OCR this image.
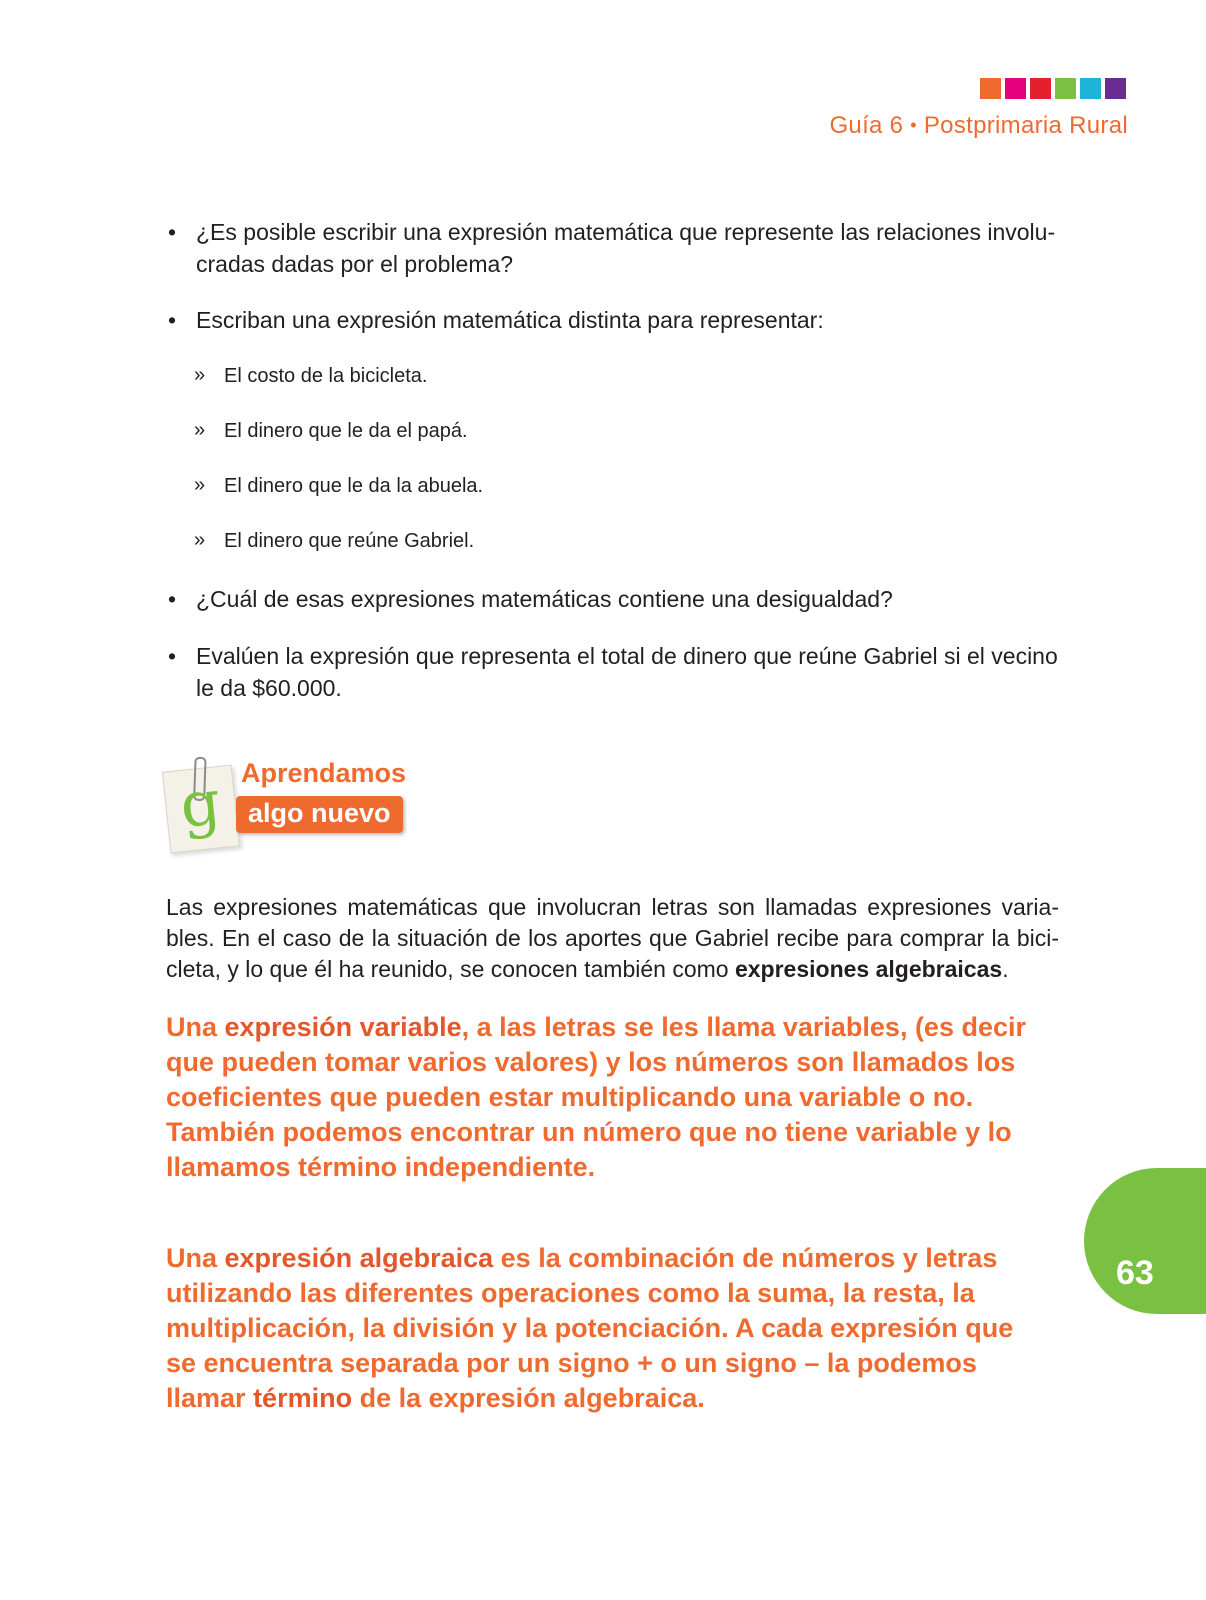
Guía 6 • Postprimaria Rural
• ¿Es posible escribir una expresión matemática que represente las relaciones involu-cradas dadas por el problema?
• Escriban una expresión matemática distinta para representar:
» El costo de la bicicleta.
» El dinero que le da el papá.
» El dinero que le da la abuela.
» El dinero que reúne Gabriel.
• ¿Cuál de esas expresiones matemáticas contiene una desigualdad?
• Evalúen la expresión que representa el total de dinero que reúne Gabriel si el vecino le da $60.000.
g Aprendamos
algo nuevo
Las expresiones matemáticas que involucran letras son llamadas expresiones varia-bles. En el caso de la situación de los aportes que Gabriel recibe para comprar la bici-cleta, y lo que él ha reunido, se conocen también como expresiones algebraicas.
Una expresión variable, a las letras se les llama variables, (es decir que pueden tomar varios valores) y los números son llamados los coeficientes que pueden estar multiplicando una variable o no. También podemos encontrar un número que no tiene variable y lo llamamos término independiente.
Una expresión algebraica es la combinación de números y letras utilizando las diferentes operaciones como la suma, la resta, la multiplicación, la división y la potenciación. A cada expresión que se encuentra separada por un signo + o un signo – la podemos llamar término de la expresión algebraica.
63
